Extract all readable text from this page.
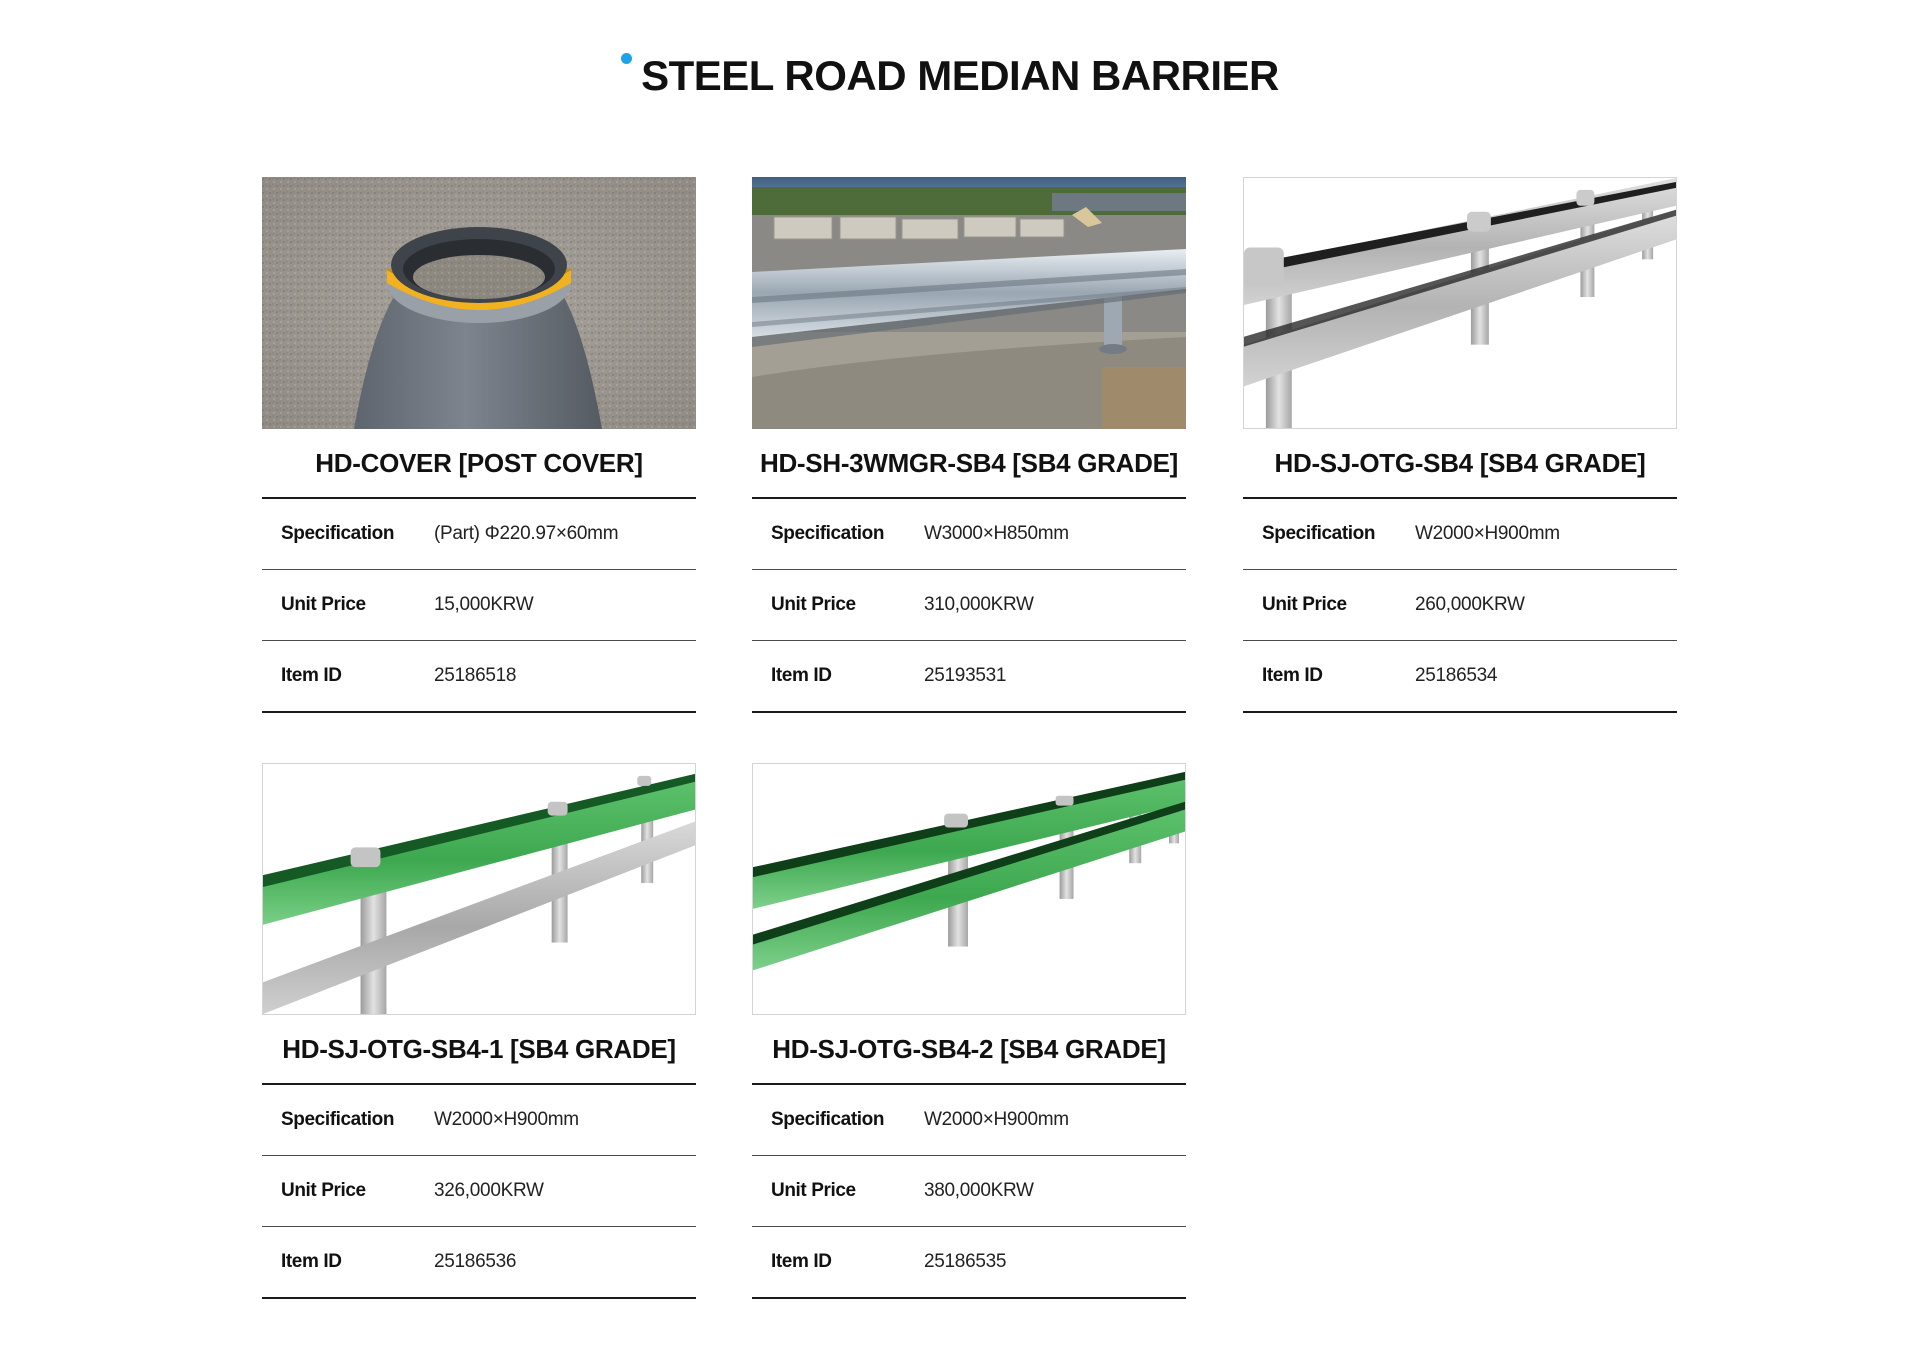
STEEL ROAD MEDIAN BARRIER
HD-COVER [POST COVER]
Specification	(Part) Φ220.97×60mm
Unit Price	15,000KRW
Item ID	25186518
HD-SH-3WMGR-SB4 [SB4 GRADE]
Specification	W3000×H850mm
Unit Price	310,000KRW
Item ID	25193531
HD-SJ-OTG-SB4 [SB4 GRADE]
Specification	W2000×H900mm
Unit Price	260,000KRW
Item ID	25186534
HD-SJ-OTG-SB4-1 [SB4 GRADE]
Specification	W2000×H900mm
Unit Price	326,000KRW
Item ID	25186536
HD-SJ-OTG-SB4-2 [SB4 GRADE]
Specification	W2000×H900mm
Unit Price	380,000KRW
Item ID	25186535
